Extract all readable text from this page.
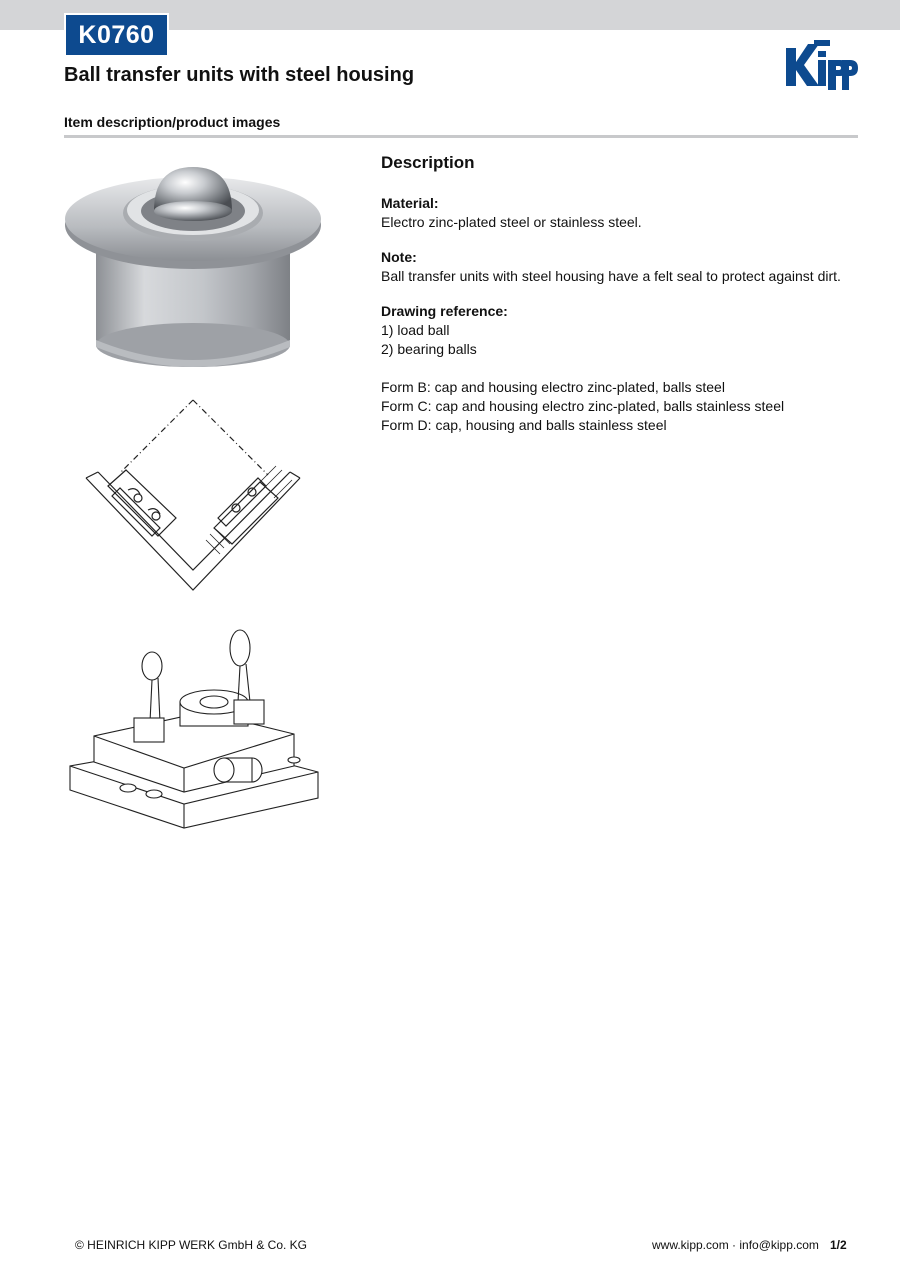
K0760
Ball transfer units with steel housing
Item description/product images
Description

Material:

Electro zinc-plated steel or stainless steel.

Note:

Ball transfer units with steel housing have a felt seal to protect against dirt.

Drawing reference:

1) load ball

2) bearing balls

Form B: cap and housing electro zinc-plated, balls steel

Form C: cap and housing electro zinc-plated, balls stainless steel

Form D: cap, housing and balls stainless steel

© HEINRICH KIPP WERK GmbH & Co. KG	www.kipp.com · info@kipp.com 1/2
